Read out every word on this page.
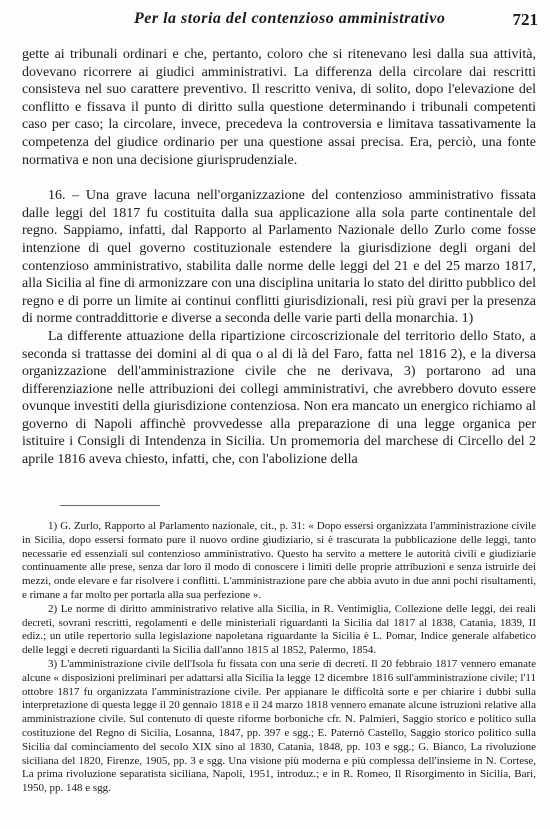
Per la storia del contenzioso amministrativo	721

gette ai tribunali ordinari e che, pertanto, coloro che si ritenevano lesi dalla sua attività, dovevano ricorrere ai giudici amministrativi. La differenza della circolare dai rescritti consisteva nel suo carattere preventivo. Il rescritto veniva, di solito, dopo l'elevazione del conflitto e fissava il punto di diritto sulla questione determinando i tribunali competenti caso per caso; la circolare, invece, precedeva la controversia e limitava tassativamente la competenza del giudice ordinario per una questione assai precisa. Era, perciò, una fonte normativa e non una decisione giurisprudenziale.

16. – Una grave lacuna nell'organizzazione del contenzioso amministrativo fissata dalle leggi del 1817 fu costituita dalla sua applicazione alla sola parte continentale del regno. Sappiamo, infatti, dal Rapporto al Parlamento Nazionale dello Zurlo come fosse intenzione di quel governo costituzionale estendere la giurisdizione degli organi del contenzioso amministrativo, stabilita dalle norme delle leggi del 21 e del 25 marzo 1817, alla Sicilia al fine di armonizzare con una disciplina unitaria lo stato del diritto pubblico del regno e di porre un limite ai continui conflitti giurisdizionali, resi più gravi per la presenza di norme contraddittorie e diverse a seconda delle varie parti della monarchia. 1)

La differente attuazione della ripartizione circoscrizionale del territorio dello Stato, a seconda si trattasse dei domini al di qua o al di là del Faro, fatta nel 1816 2), e la diversa organizzazione dell'amministrazione civile che ne derivava, 3) portarono ad una differenziazione nelle attribuzioni dei collegi amministrativi, che avrebbero dovuto essere ovunque investiti della giurisdizione contenziosa. Non era mancato un energico richiamo al governo di Napoli affinchè provvedesse alla preparazione di una legge organica per istituire i Consigli di Intendenza in Sicilia. Un promemoria del marchese di Circello del 2 aprile 1816 aveva chiesto, infatti, che, con l'abolizione della

1) G. Zurlo, Rapporto al Parlamento nazionale, cit., p. 31: « Dopo essersi organizzata l'amministrazione civile in Sicilia, dopo essersi formato pure il nuovo ordine giudiziario, si è trascurata la pubblicazione delle leggi, tanto necessarie ed essenziali sul contenzioso amministrativo. Questo ha servito a mettere le autorità civili e giudiziarie continuamente alle prese, senza dar loro il modo di conoscere i limiti delle proprie attribuzioni e senza istruirle dei mezzi, onde elevare e far risolvere i conflitti. L'amministrazione pare che abbia avuto in due anni pochi risultamenti, e rimane a far molto per portarla alla sua perfezione ».

2) Le norme di diritto amministrativo relative alla Sicilia, in R. Ventimiglia, Collezione delle leggi, dei reali decreti, sovrani rescritti, regolamenti e delle ministeriali riguardanti la Sicilia dal 1817 al 1838, Catania, 1839, II ediz.; un utile repertorio sulla legislazione napoletana riguardante la Sicilia è L. Pomar, Indice generale alfabetico delle leggi e decreti riguardanti la Sicilia dall'anno 1815 al 1852, Palermo, 1854.

3) L'amministrazione civile dell'Isola fu fissata con una serie di decreti. Il 20 febbraio 1817 vennero emanate alcune « disposizioni preliminari per adattarsi alla Sicilia la legge 12 dicembre 1816 sull'amministrazione civile; l'11 ottobre 1817 fu organizzata l'amministrazione civile. Per appianare le difficoltà sorte e per chiarire i dubbi sulla interpretazione di questa legge il 20 gennaio 1818 e il 24 marzo 1818 vennero emanate alcune istruzioni relative alla amministrazione civile. Sul contenuto di queste riforme borboniche cfr. N. Palmieri, Saggio storico e politico sulla costituzione del Regno di Sicilia, Losanna, 1847, pp. 397 e sgg.; E. Paternò Castello, Saggio storico politico sulla Sicilia dal cominciamento del secolo XIX sino al 1830, Catania, 1848, pp. 103 e sgg.; G. Bianco, La rivoluzione siciliana del 1820, Firenze, 1905, pp. 3 e sgg. Una visione più moderna e più complessa dell'insieme in N. Cortese, La prima rivoluzione separatista siciliana, Napoli, 1951, introduz.; e in R. Romeo, Il Risorgimento in Sicilia, Bari, 1950, pp. 148 e sgg.
